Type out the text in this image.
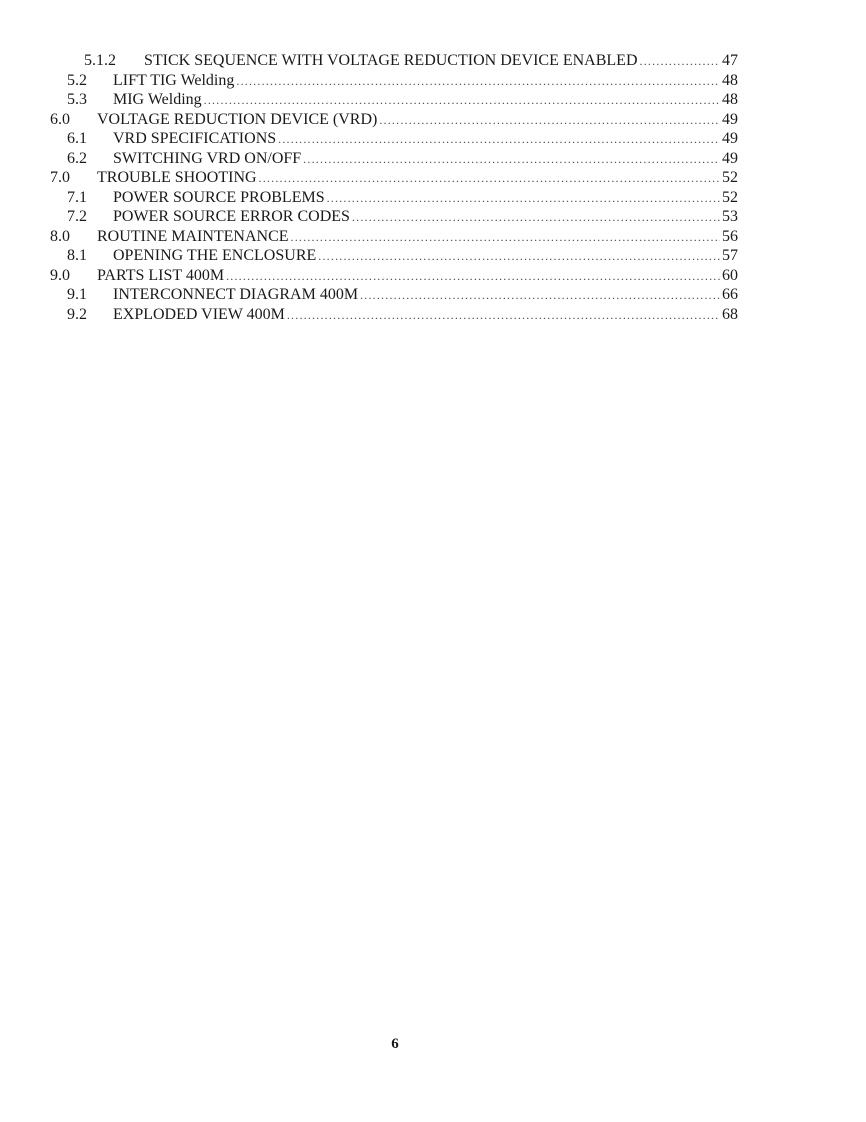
5.1.2 STICK SEQUENCE WITH VOLTAGE REDUCTION DEVICE ENABLED .....	47
5.2 LIFT TIG Welding .....	48
5.3 MIG Welding .....	48
6.0 VOLTAGE REDUCTION DEVICE (VRD) .....	49
6.1 VRD SPECIFICATIONS .....	49
6.2 SWITCHING VRD ON/OFF .....	49
7.0 TROUBLE SHOOTING .....	52
7.1 POWER SOURCE PROBLEMS .....	52
7.2 POWER SOURCE ERROR CODES .....	53
8.0 ROUTINE MAINTENANCE .....	56
8.1 OPENING THE ENCLOSURE .....	57
9.0 PARTS LIST 400M .....	60
9.1 INTERCONNECT DIAGRAM 400M .....	66
9.2 EXPLODED VIEW 400M .....	68
6
